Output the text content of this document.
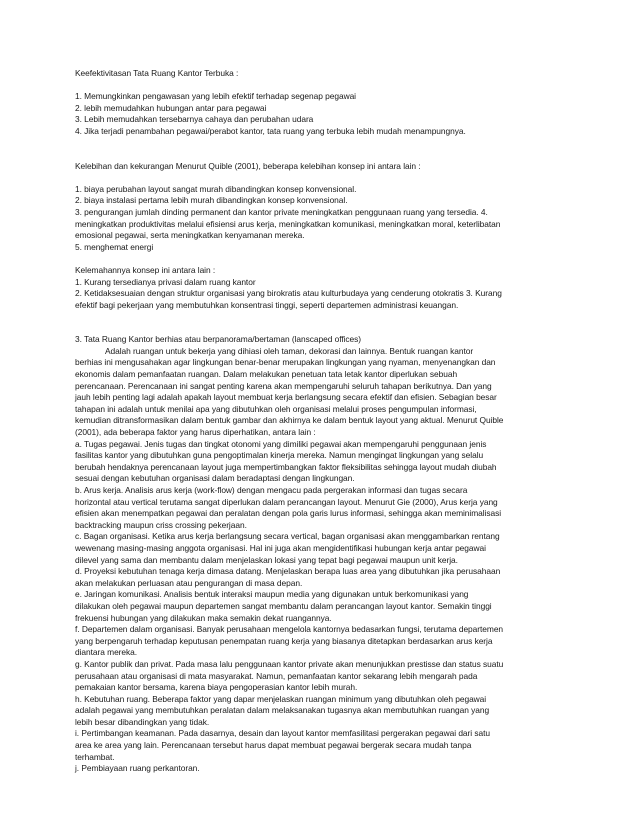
Keefektivitasan Tata Ruang Kantor Terbuka :
1. Memungkinkan pengawasan yang lebih efektif terhadap segenap pegawai
2. lebih memudahkan hubungan antar para pegawai
3. Lebih memudahkan tersebarnya cahaya dan perubahan udara
4. Jika terjadi penambahan pegawai/perabot kantor, tata ruang yang terbuka lebih mudah menampungnya.
Kelebihan dan kekurangan Menurut Quible (2001), beberapa kelebihan konsep ini antara lain :
1. biaya perubahan layout sangat murah dibandingkan konsep konvensional.
2. biaya instalasi pertama lebih murah dibandingkan konsep konvensional.
3. pengurangan jumlah dinding permanent dan kantor private meningkatkan penggunaan ruang yang tersedia. 4.
meningkatkan produktivitas melalui efisiensi arus kerja, meningkatkan komunikasi, meningkatkan moral, keterlibatan
emosional pegawai, serta meningkatkan kenyamanan mereka.
5. menghemat energi
Kelemahannya konsep ini antara lain :
1. Kurang tersedianya privasi dalam ruang kantor
2. Ketidaksesuaian dengan struktur organisasi yang birokratis atau kulturbudaya yang cenderung otokratis 3. Kurang
efektif bagi pekerjaan yang membutuhkan konsentrasi tinggi, seperti departemen administrasi keuangan.
3. Tata Ruang Kantor berhias atau berpanorama/bertaman (lanscaped offices)
Adalah ruangan untuk bekerja yang dihiasi oleh taman, dekorasi dan lainnya. Bentuk ruangan kantor
berhias ini mengusahakan agar lingkungan benar-benar merupakan lingkungan yang nyaman, menyenangkan dan
ekonomis dalam pemanfaatan ruangan. Dalam melakukan penetuan tata letak kantor diperlukan sebuah
perencanaan. Perencanaan ini sangat penting karena akan mempengaruhi seluruh tahapan berikutnya. Dan yang
jauh lebih penting lagi adalah apakah layout membuat kerja berlangsung secara efektif dan efisien. Sebagian besar
tahapan ini adalah untuk menilai apa yang dibutuhkan oleh organisasi melalui proses pengumpulan informasi,
kemudian ditransformasikan dalam bentuk gambar dan akhirnya ke dalam bentuk layout yang aktual. Menurut Quible
(2001), ada beberapa faktor yang harus diperhatikan, antara lain :
a. Tugas pegawai. Jenis tugas dan tingkat otonomi yang dimiliki pegawai akan mempengaruhi penggunaan jenis
fasilitas kantor yang dibutuhkan guna pengoptimalan kinerja mereka. Namun mengingat lingkungan yang selalu
berubah hendaknya perencanaan layout juga mempertimbangkan faktor fleksibilitas sehingga layout mudah diubah
sesuai dengan kebutuhan organisasi dalam beradaptasi dengan lingkungan.
b. Arus kerja. Analisis arus kerja (work-flow) dengan mengacu pada pergerakan informasi dan tugas secara
horizontal atau vertical terutama sangat diperlukan dalam perancangan layout. Menurut Gie (2000), Arus kerja yang
efisien akan menempatkan pegawai dan peralatan dengan pola garis lurus informasi, sehingga akan meminimalisasi
backtracking maupun criss crossing pekerjaan.
c. Bagan organisasi. Ketika arus kerja berlangsung secara vertical, bagan organisasi akan menggambarkan rentang
wewenang masing-masing anggota organisasi. Hal ini juga akan mengidentifikasi hubungan kerja antar pegawai
dilevel yang sama dan membantu dalam menjelaskan lokasi yang tepat bagi pegawai maupun unit kerja.
d. Proyeksi kebutuhan tenaga kerja dimasa datang. Menjelaskan berapa luas area yang dibutuhkan jika perusahaan
akan melakukan perluasan atau pengurangan di masa depan.
e. Jaringan komunikasi. Analisis bentuk interaksi maupun media yang digunakan untuk berkomunikasi yang
dilakukan oleh pegawai maupun departemen sangat membantu dalam perancangan layout kantor. Semakin tinggi
frekuensi hubungan yang dilakukan maka semakin dekat ruangannya.
f. Departemen dalam organisasi. Banyak perusahaan mengelola kantornya bedasarkan fungsi, terutama departemen
yang berpengaruh terhadap keputusan penempatan ruang kerja yang biasanya ditetapkan berdasarkan arus kerja
diantara mereka.
g. Kantor publik dan privat. Pada masa lalu penggunaan kantor private akan menunjukkan prestisse dan status suatu
perusahaan atau organisasi di mata masyarakat. Namun, pemanfaatan kantor sekarang lebih mengarah pada
pemakaian kantor bersama, karena biaya pengoperasian kantor lebih murah.
h. Kebutuhan ruang. Beberapa faktor yang dapar menjelaskan ruangan minimum yang dibutuhkan oleh pegawai
adalah pegawai yang membutuhkan peralatan dalam melaksanakan tugasnya akan membutuhkan ruangan yang
lebih besar dibandingkan yang tidak.
i. Pertimbangan keamanan. Pada dasarnya, desain dan layout kantor memfasilitasi pergerakan pegawai dari satu
area ke area yang lain. Perencanaan tersebut harus dapat membuat pegawai bergerak secara mudah tanpa
terhambat.
j. Pembiayaan ruang perkantoran.
